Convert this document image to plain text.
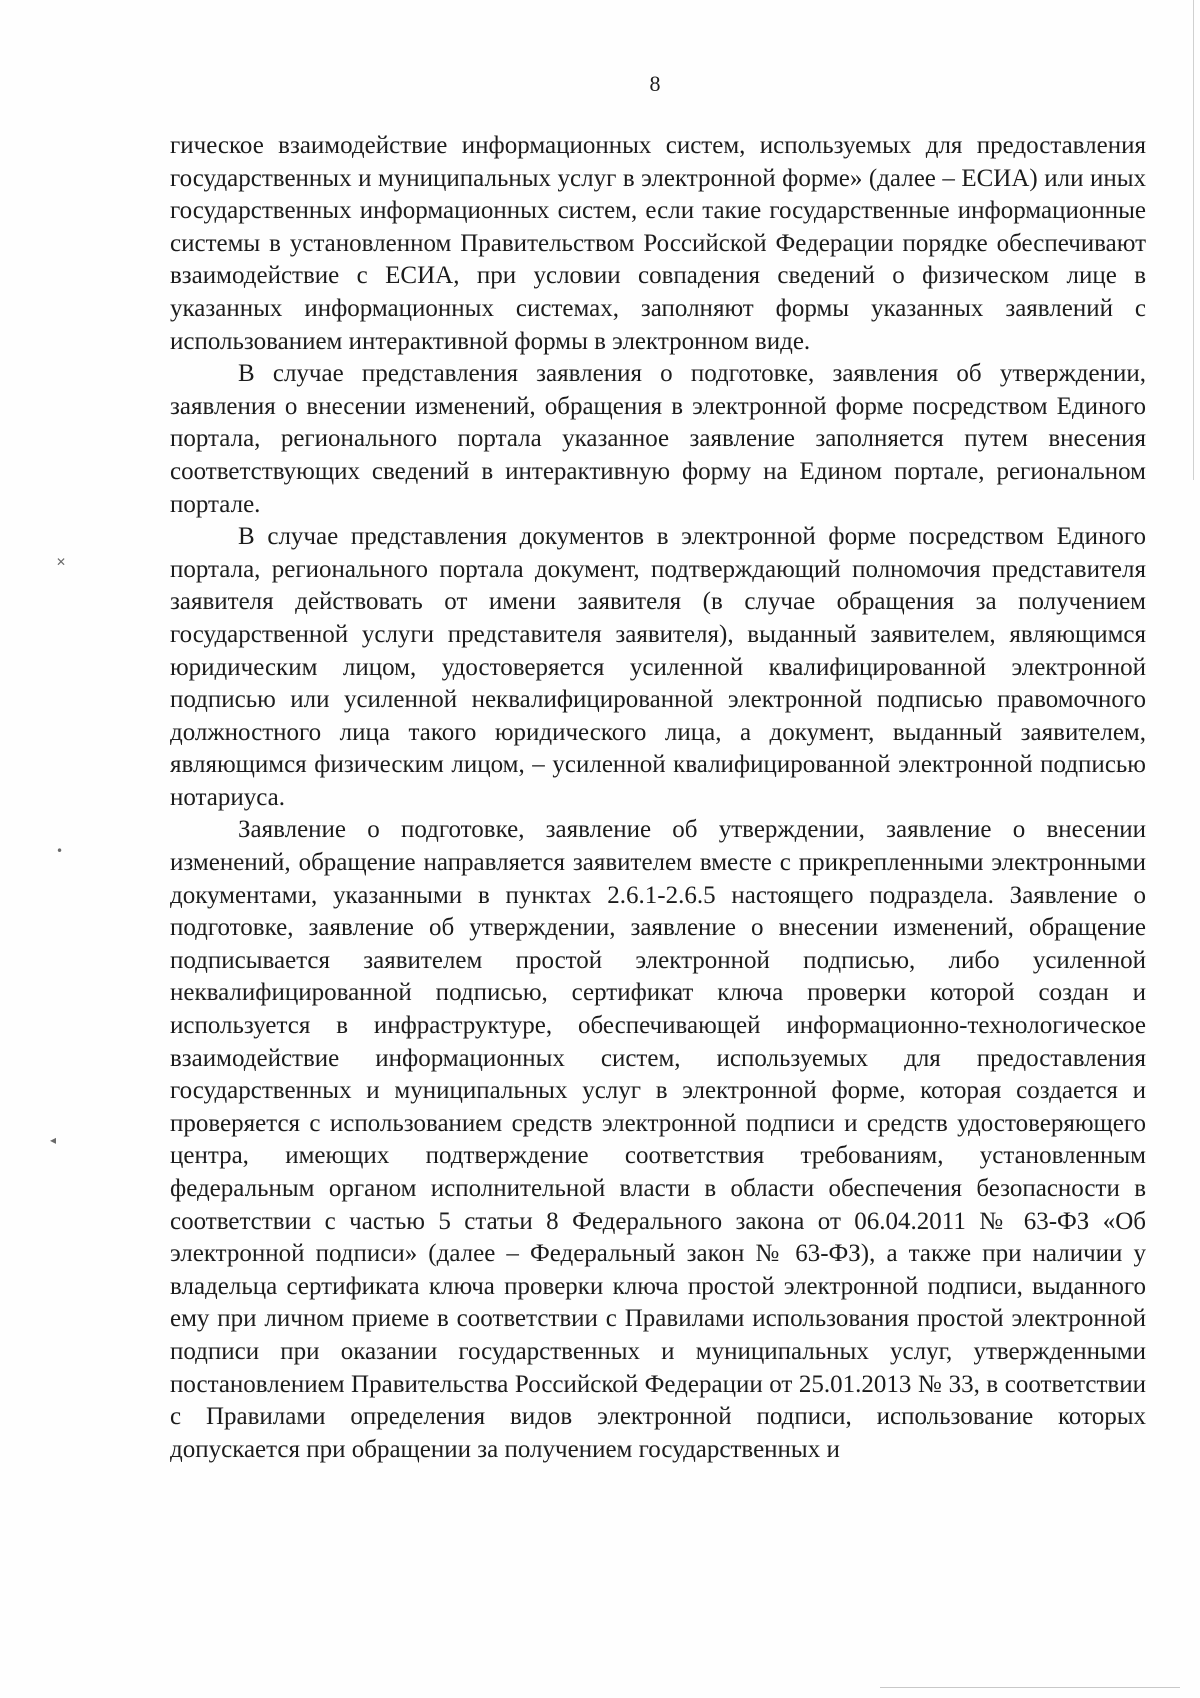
✕
•
◂
8

гическое взаимодействие информационных систем, используемых для предоставления государственных и муниципальных услуг в электронной форме» (далее – ЕСИА) или иных государственных информационных систем, если такие государственные информационные системы в установленном Правительством Российской Федерации порядке обеспечивают взаимодействие с ЕСИА, при условии совпадения сведений о физическом лице в указанных информационных системах, заполняют формы указанных заявлений с использованием интерактивной формы в электронном виде.

В случае представления заявления о подготовке, заявления об утверждении, заявления о внесении изменений, обращения в электронной форме посредством Единого портала, регионального портала указанное заявление заполняется путем внесения соответствующих сведений в интерактивную форму на Едином портале, региональном портале.

В случае представления документов в электронной форме посредством Единого портала, регионального портала документ, подтверждающий полномочия представителя заявителя действовать от имени заявителя (в случае обращения за получением государственной услуги представителя заявителя), выданный заявителем, являющимся юридическим лицом, удостоверяется усиленной квалифицированной электронной подписью или усиленной неквалифицированной электронной подписью правомочного должностного лица такого юридического лица, а документ, выданный заявителем, являющимся физическим лицом, – усиленной квалифицированной электронной подписью нотариуса.

Заявление о подготовке, заявление об утверждении, заявление о внесении изменений, обращение направляется заявителем вместе с прикрепленными электронными документами, указанными в пунктах 2.6.1-2.6.5 настоящего подраздела. Заявление о подготовке, заявление об утверждении, заявление о внесении изменений, обращение подписывается заявителем простой электронной подписью, либо усиленной неквалифицированной подписью, сертификат ключа проверки которой создан и используется в инфраструктуре, обеспечивающей информационно-технологическое взаимодействие информационных систем, используемых для предоставления государственных и муниципальных услуг в электронной форме, которая создается и проверяется с использованием средств электронной подписи и средств удостоверяющего центра, имеющих подтверждение соответствия требованиям, установленным федеральным органом исполнительной власти в области обеспечения безопасности в соответствии с частью 5 статьи 8 Федерального закона от 06.04.2011 № 63-ФЗ «Об электронной подписи» (далее – Федеральный закон № 63-ФЗ), а также при наличии у владельца сертификата ключа проверки ключа простой электронной подписи, выданного ему при личном приеме в соответствии с Правилами использования простой электронной подписи при оказании государственных и муниципальных услуг, утвержденными постановлением Правительства Российской Федерации от 25.01.2013 № 33, в соответствии с Правилами определения видов электронной подписи, использование которых допускается при обращении за получением государственных и
